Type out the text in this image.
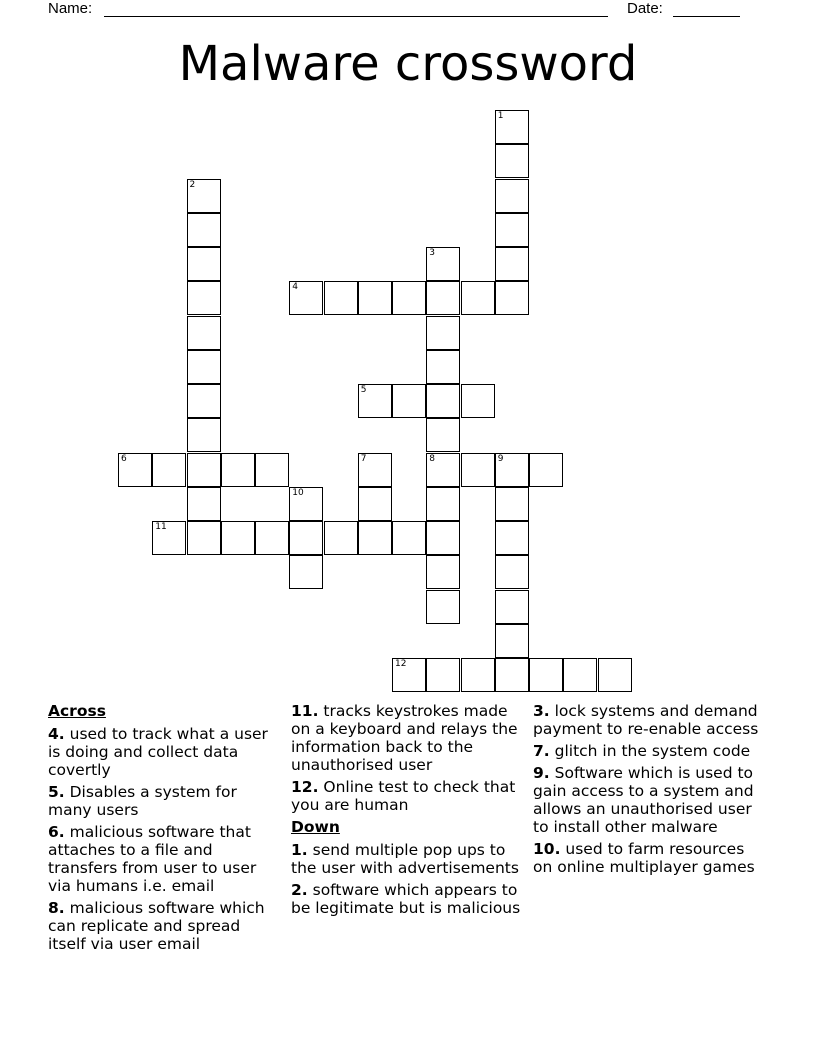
Name:	Date:
Malware crossword
1
2
3
8
4
5
6	7	9
10
11
12
Across
4. used to track what a user is doing and collect data covertly
5. Disables a system for many users
6. malicious software that attaches to a file and transfers from user to user via humans i.e. email
8. malicious software which can replicate and spread itself via user email
11. tracks keystrokes made on a keyboard and relays the information back to the unauthorised user
12. Online test to check that you are human
Down
1. send multiple pop ups to the user with advertisements
2. software which appears to be legitimate but is malicious
3. lock systems and demand payment to re-enable access
7. glitch in the system code
9. Software which is used to gain access to a system and allows an unauthorised user to install other malware
10. used to farm resources on online multiplayer games
